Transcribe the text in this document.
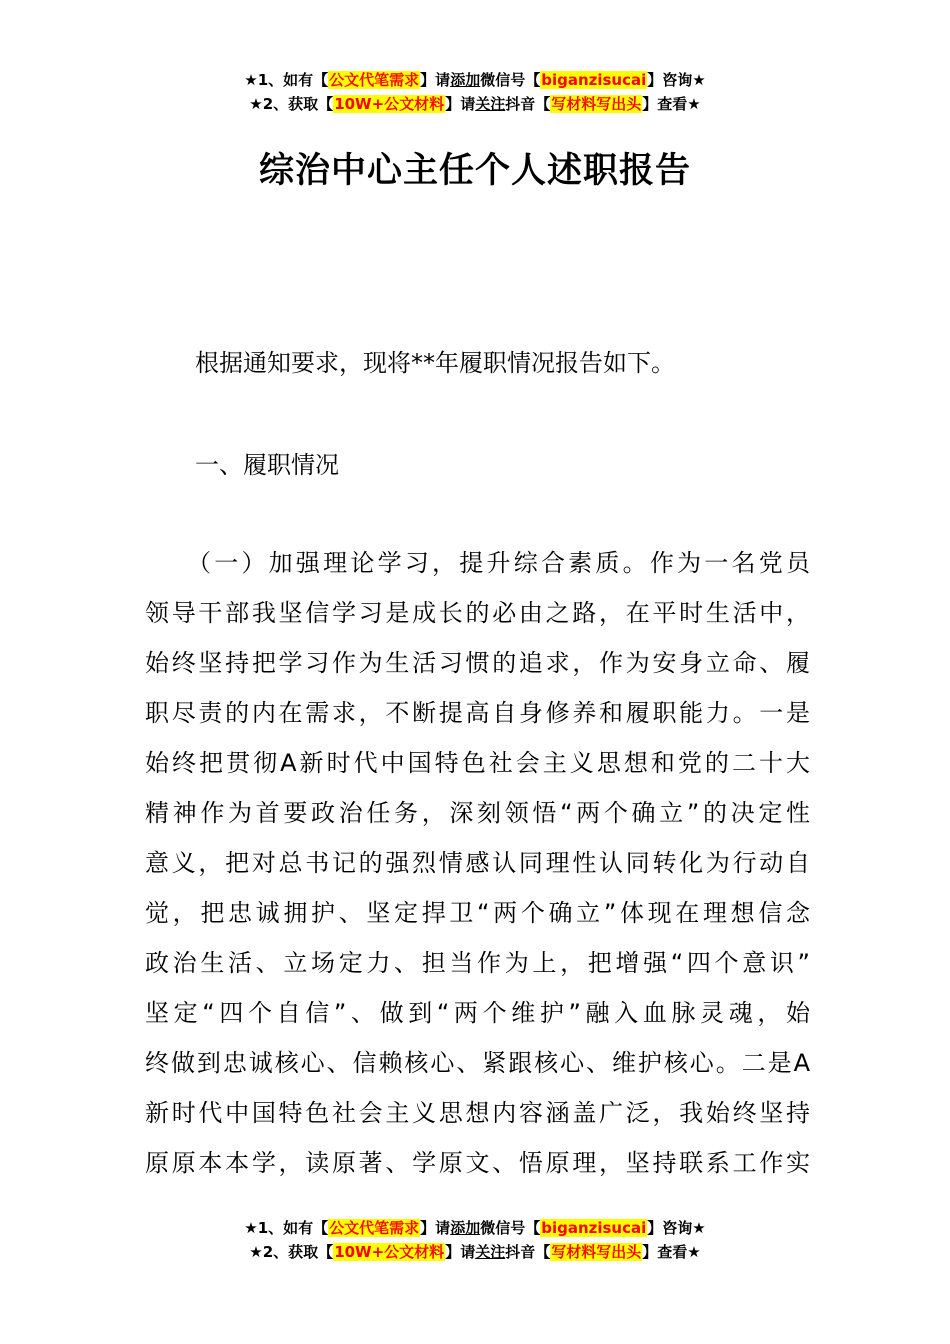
★1、如有【公文代笔需求】请添加微信号【biganzisucai】咨询★
★2、获取【10W+公文材料】请关注抖音【写材料写出头】查看★
综治中心主任个人述职报告
根据通知要求，现将**年履职情况报告如下。
一、履职情况
（一）加强理论学习，提升综合素质。作为一名党员
领导干部我坚信学习是成长的必由之路，在平时生活中，
始终坚持把学习作为生活习惯的追求，作为安身立命、履
职尽责的内在需求，不断提高自身修养和履职能力。一是
始终把贯彻A新时代中国特色社会主义思想和党的二十大
精神作为首要政治任务，深刻领悟“两个确立”的决定性
意义，把对总书记的强烈情感认同理性认同转化为行动自
觉，把忠诚拥护、坚定捍卫“两个确立”体现在理想信念
政治生活、立场定力、担当作为上，把增强“四个意识”
坚定“四个自信”、做到“两个维护”融入血脉灵魂，始
终做到忠诚核心、信赖核心、紧跟核心、维护核心。二是A
新时代中国特色社会主义思想内容涵盖广泛，我始终坚持
原原本本学，读原著、学原文、悟原理，坚持联系工作实
★1、如有【公文代笔需求】请添加微信号【biganzisucai】咨询★
★2、获取【10W+公文材料】请关注抖音【写材料写出头】查看★
